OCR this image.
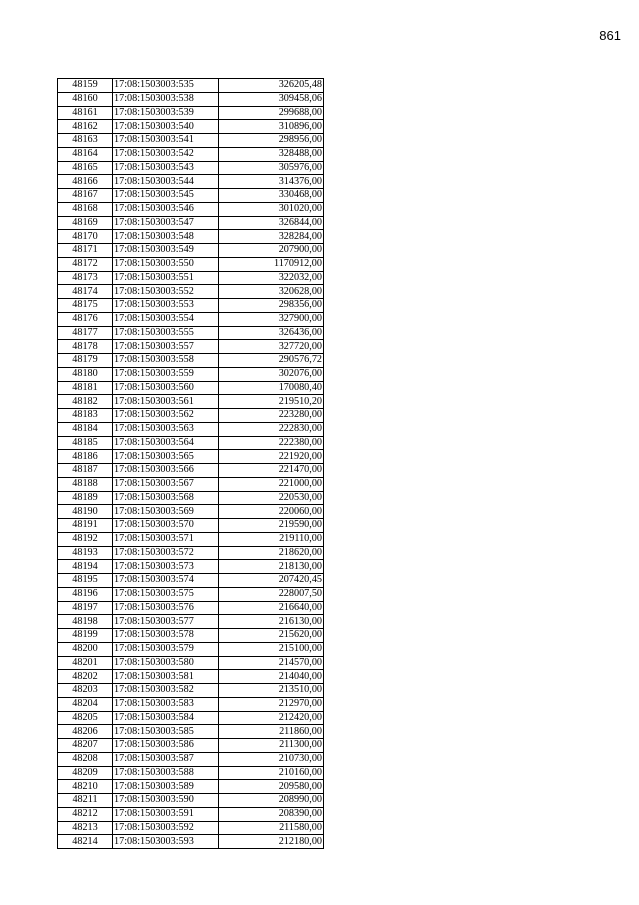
861
48159	17:08:1503003:535	326205,48
48160	17:08:1503003:538	309458,06
48161	17:08:1503003:539	299688,00
48162	17:08:1503003:540	310896,00
48163	17:08:1503003:541	298956,00
48164	17:08:1503003:542	328488,00
48165	17:08:1503003:543	305976,00
48166	17:08:1503003:544	314376,00
48167	17:08:1503003:545	330468,00
48168	17:08:1503003:546	301020,00
48169	17:08:1503003:547	326844,00
48170	17:08:1503003:548	328284,00
48171	17:08:1503003:549	207900,00
48172	17:08:1503003:550	1170912,00
48173	17:08:1503003:551	322032,00
48174	17:08:1503003:552	320628,00
48175	17:08:1503003:553	298356,00
48176	17:08:1503003:554	327900,00
48177	17:08:1503003:555	326436,00
48178	17:08:1503003:557	327720,00
48179	17:08:1503003:558	290576,72
48180	17:08:1503003:559	302076,00
48181	17:08:1503003:560	170080,40
48182	17:08:1503003:561	219510,20
48183	17:08:1503003:562	223280,00
48184	17:08:1503003:563	222830,00
48185	17:08:1503003:564	222380,00
48186	17:08:1503003:565	221920,00
48187	17:08:1503003:566	221470,00
48188	17:08:1503003:567	221000,00
48189	17:08:1503003:568	220530,00
48190	17:08:1503003:569	220060,00
48191	17:08:1503003:570	219590,00
48192	17:08:1503003:571	219110,00
48193	17:08:1503003:572	218620,00
48194	17:08:1503003:573	218130,00
48195	17:08:1503003:574	207420,45
48196	17:08:1503003:575	228007,50
48197	17:08:1503003:576	216640,00
48198	17:08:1503003:577	216130,00
48199	17:08:1503003:578	215620,00
48200	17:08:1503003:579	215100,00
48201	17:08:1503003:580	214570,00
48202	17:08:1503003:581	214040,00
48203	17:08:1503003:582	213510,00
48204	17:08:1503003:583	212970,00
48205	17:08:1503003:584	212420,00
48206	17:08:1503003:585	211860,00
48207	17:08:1503003:586	211300,00
48208	17:08:1503003:587	210730,00
48209	17:08:1503003:588	210160,00
48210	17:08:1503003:589	209580,00
48211	17:08:1503003:590	208990,00
48212	17:08:1503003:591	208390,00
48213	17:08:1503003:592	211580,00
48214	17:08:1503003:593	212180,00
